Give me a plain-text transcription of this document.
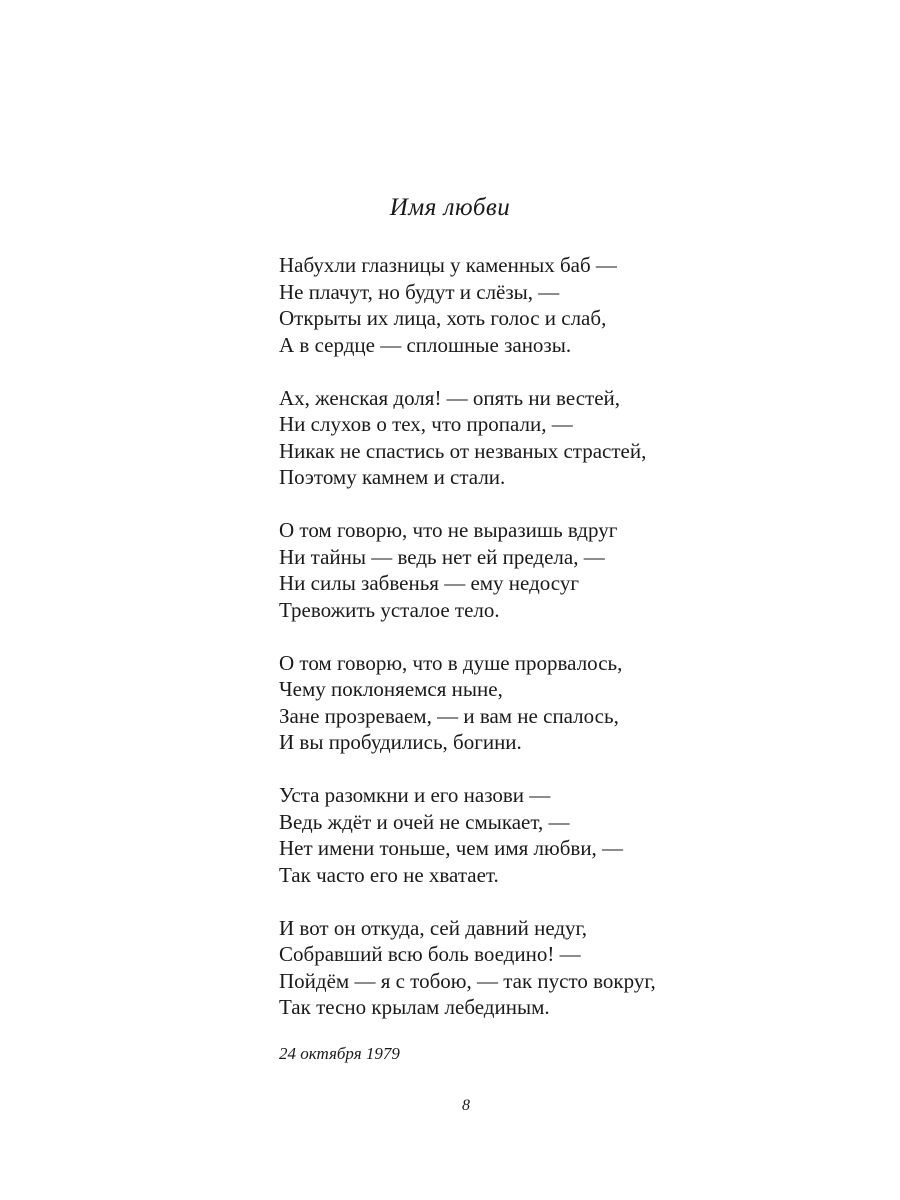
Имя любви
Набухли глазницы у каменных баб —
Не плачут, но будут и слёзы, —
Открыты их лица, хоть голос и слаб,
А в сердце — сплошные занозы.
Ах, женская доля! — опять ни вестей,
Ни слухов о тех, что пропали, —
Никак не спастись от незваных страстей,
Поэтому камнем и стали.
О том говорю, что не выразишь вдруг
Ни тайны — ведь нет ей предела, —
Ни силы забвенья — ему недосуг
Тревожить усталое тело.
О том говорю, что в душе прорвалось,
Чему поклоняемся ныне,
Зане прозреваем, — и вам не спалось,
И вы пробудились, богини.
Уста разомкни и его назови —
Ведь ждёт и очей не смыкает, —
Нет имени тоньше, чем имя любви, —
Так часто его не хватает.
И вот он откуда, сей давний недуг,
Собравший всю боль воедино! —
Пойдём — я с тобою, — так пусто вокруг,
Так тесно крылам лебединым.
24 октября 1979
8
